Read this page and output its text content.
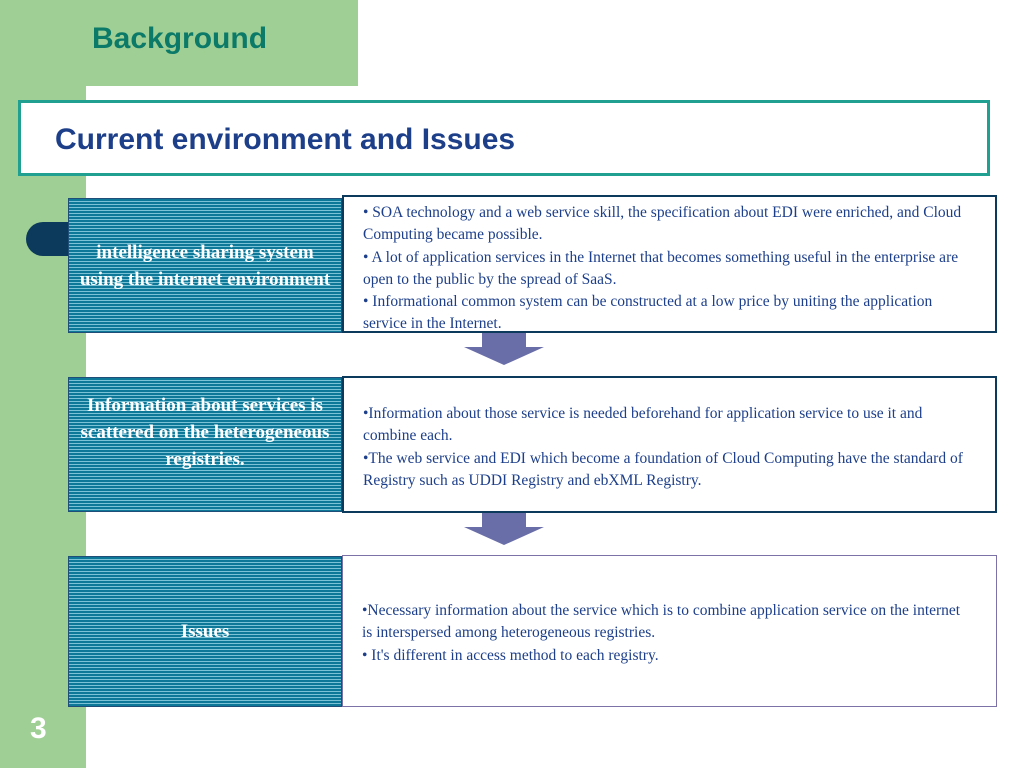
Background
Current environment and Issues
intelligence sharing system using the internet environment

• SOA technology and a web service skill, the specification about EDI were enriched, and Cloud Computing became possible.

• A lot of application services in the Internet that becomes something useful in the enterprise are open to the public by the spread of SaaS.

• Informational common system can be constructed at a low price by uniting the application service in the Internet.

Information about services is scattered on the heterogeneous registries.

•Information about those service is needed beforehand for application service to use it and combine each.

•The web service and EDI which become a foundation of Cloud Computing have the standard of Registry such as UDDI Registry and ebXML Registry.

Issues

•Necessary information about the service which is to combine application service on the internet is interspersed among heterogeneous registries.

• It's different in access method to each registry.

3
